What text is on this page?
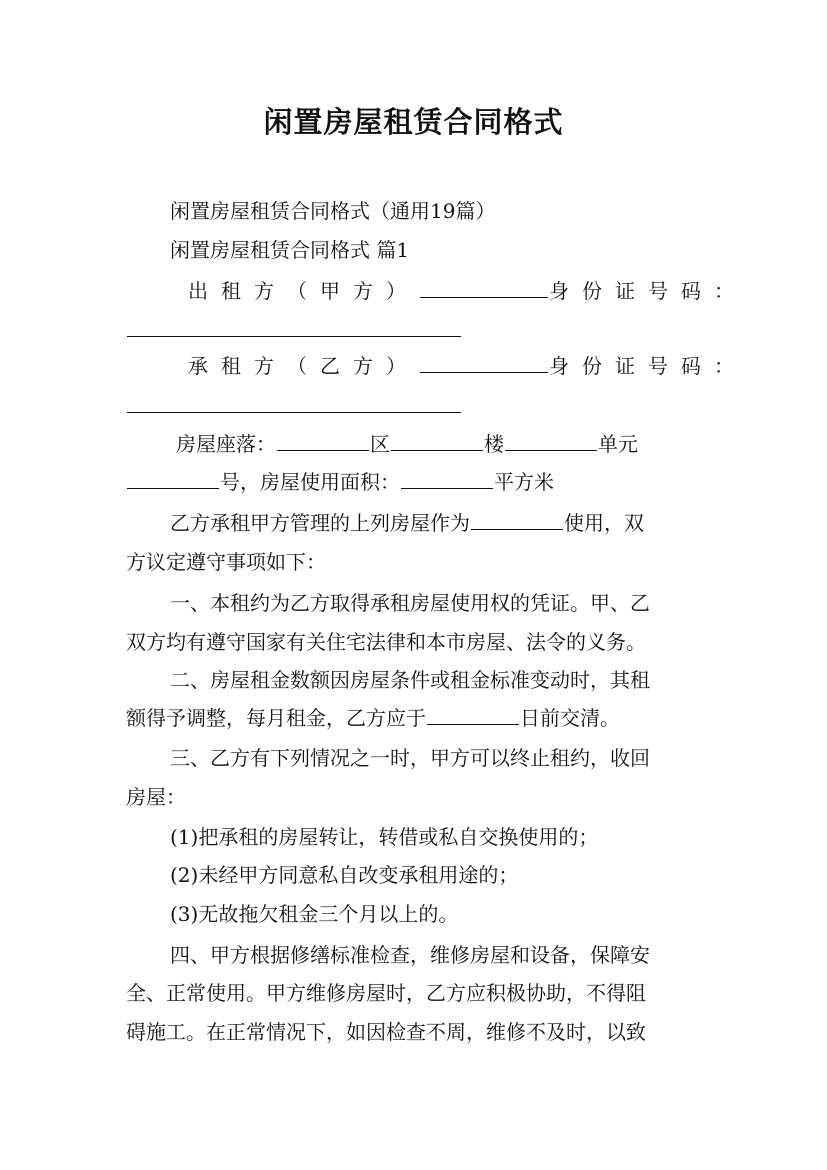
闲置房屋租赁合同格式

闲置房屋租赁合同格式（通用19篇）

闲置房屋租赁合同格式 篇1

出租方（甲方）	身份证号码：
承租方（乙方）	身份证号码：
房屋座落：	区	楼	单元
号，房屋使用面积：	平方米
乙方承租甲方管理的上列房屋作为	使用，双

方议定遵守事项如下：

一、本租约为乙方取得承租房屋使用权的凭证。甲、乙

双方均有遵守国家有关住宅法律和本市房屋、法令的义务。

二、房屋租金数额因房屋条件或租金标准变动时，其租

额得予调整，每月租金，乙方应于	日前交清。

三、乙方有下列情况之一时，甲方可以终止租约，收回

房屋：

(1)把承租的房屋转让，转借或私自交换使用的；

(2)未经甲方同意私自改变承租用途的；

(3)无故拖欠租金三个月以上的。

四、甲方根据修缮标准检查，维修房屋和设备，保障安

全、正常使用。甲方维修房屋时，乙方应积极协助，不得阻

碍施工。在正常情况下，如因检查不周，维修不及时，以致
